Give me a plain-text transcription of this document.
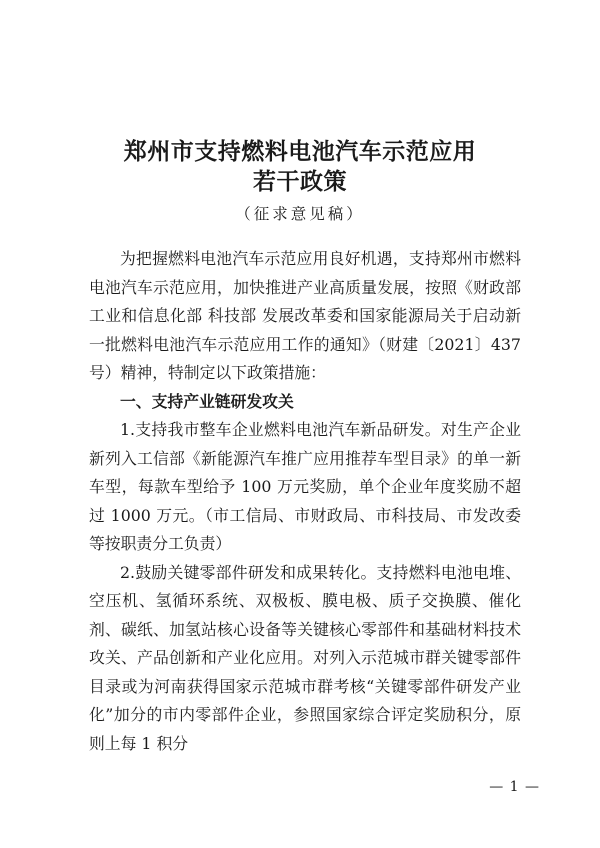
郑州市支持燃料电池汽车示范应用
若干政策
（征求意见稿）

为把握燃料电池汽车示范应用良好机遇，支持郑州市燃料电池汽车示范应用，加快推进产业高质量发展，按照《财政部 工业和信息化部 科技部 发展改革委和国家能源局关于启动新一批燃料电池汽车示范应用工作的通知》（财建〔2021〕437 号）精神，特制定以下政策措施：

一、支持产业链研发攻关

1.支持我市整车企业燃料电池汽车新品研发。对生产企业新列入工信部《新能源汽车推广应用推荐车型目录》的单一新车型，每款车型给予 100 万元奖励，单个企业年度奖励不超过 1000 万元。（市工信局、市财政局、市科技局、市发改委等按职责分工负责）

2.鼓励关键零部件研发和成果转化。支持燃料电池电堆、空压机、氢循环系统、双极板、膜电极、质子交换膜、催化剂、碳纸、加氢站核心设备等关键核心零部件和基础材料技术攻关、产品创新和产业化应用。对列入示范城市群关键零部件目录或为河南获得国家示范城市群考核“关键零部件研发产业化”加分的市内零部件企业，参照国家综合评定奖励积分，原则上每 1 积分

— 1 —
